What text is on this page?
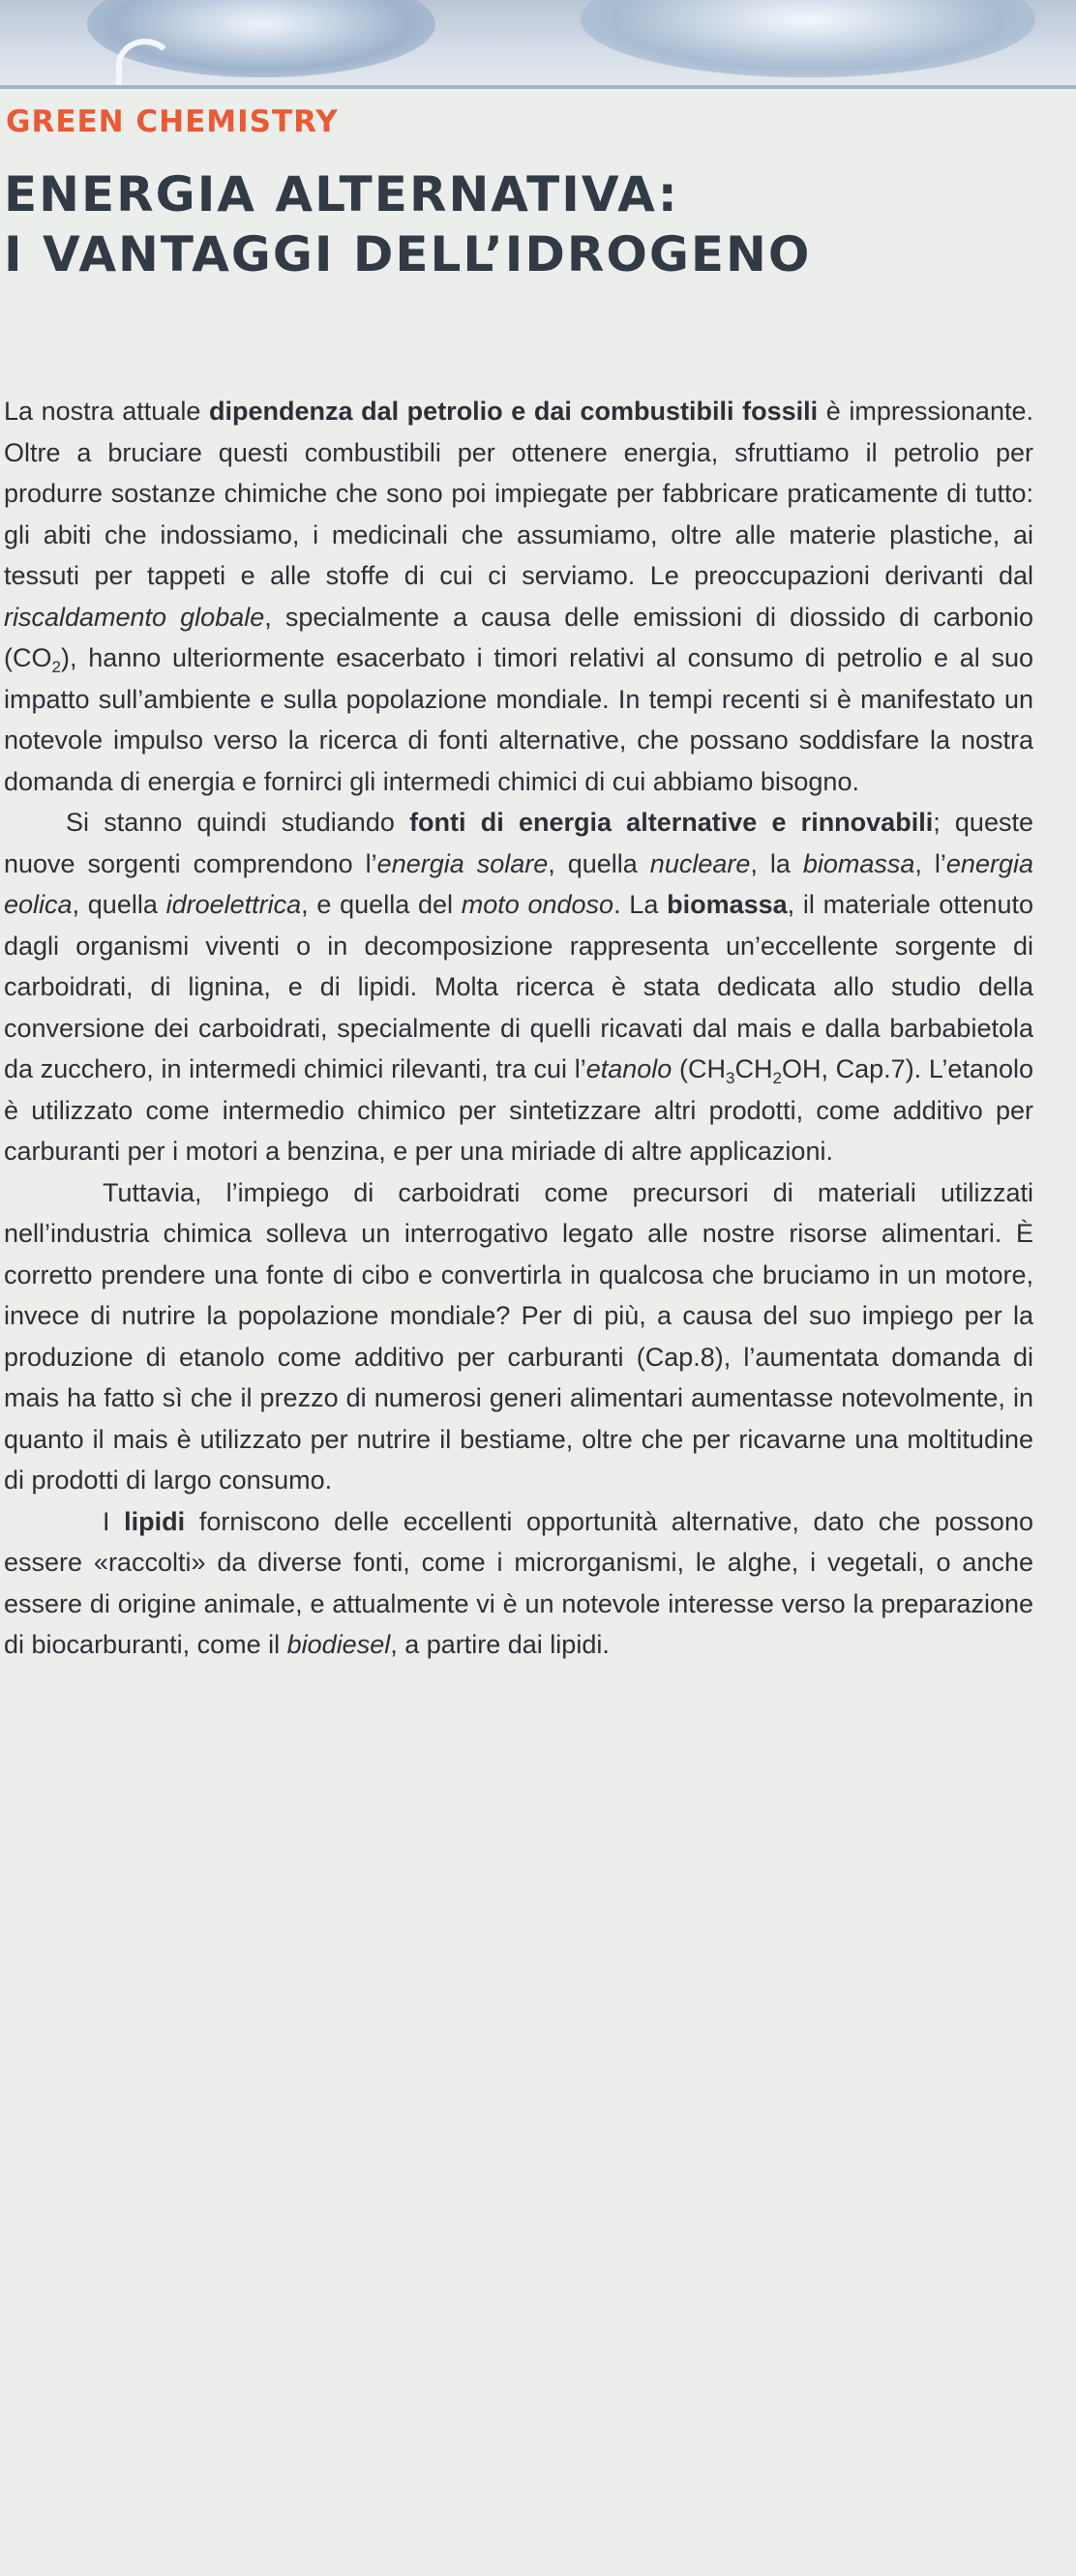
GREEN CHEMISTRY
ENERGIA ALTERNATIVA:
I VANTAGGI DELL’IDROGENO

La nostra attuale dipendenza dal petrolio e dai combustibili fossili è impressionante. Oltre a bruciare questi combustibili per ottenere energia, sfruttiamo il petrolio per produrre sostanze chimiche che sono poi impiegate per fabbricare praticamente di tutto: gli abiti che indossiamo, i medicinali che assumiamo, oltre alle materie plastiche, ai tessuti per tappeti e alle stoffe di cui ci serviamo. Le preoccupazioni derivanti dal riscaldamento globale, specialmente a causa delle emissioni di diossido di carbonio $(CO_2)$, hanno ulteriormente esacerbato i timori relativi al consumo di petrolio e al suo impatto sull’ambiente e sulla popolazione mondiale. In tempi recenti si è manifestato un notevole impulso verso la ricerca di fonti alternative, che possano soddisfare la nostra domanda di energia e fornirci gli intermedi chimici di cui abbiamo bisogno.

Si stanno quindi studiando fonti di energia alternative e rinnovabili; queste nuove sorgenti comprendono l’energia solare, quella nucleare, la biomassa, l’energia eolica, quella idroelettrica, e quella del moto ondoso. La biomassa, il materiale ottenuto dagli organismi viventi o in decomposizione rappresenta un’eccellente sorgente di carboidrati, di lignina, e di lipidi. Molta ricerca è stata dedicata allo studio della conversione dei carboidrati, specialmente di quelli ricavati dal mais e dalla barbabietola da zucchero, in intermedi chimici rilevanti, tra cui l’etanolo ($CH_3CH_2OH$, Cap.7). L’etanolo è utilizzato come intermedio chimico per sintetizzare altri prodotti, come additivo per carburanti per i motori a benzina, e per una miriade di altre applicazioni.

Tuttavia, l’impiego di carboidrati come precursori di materiali utilizzati nell’industria chimica solleva un interrogativo legato alle nostre risorse alimentari. È corretto prendere una fonte di cibo e convertirla in qualcosa che bruciamo in un motore, invece di nutrire la popolazione mondiale? Per di più, a causa del suo impiego per la produzione di etanolo come additivo per carburanti (Cap.8), l’aumentata domanda di mais ha fatto sì che il prezzo di numerosi generi alimentari aumentasse notevolmente, in quanto il mais è utilizzato per nutrire il bestiame, oltre che per ricavarne una moltitudine di prodotti di largo consumo.

I lipidi forniscono delle eccellenti opportunità alternative, dato che possono essere «raccolti» da diverse fonti, come i microrganismi, le alghe, i vegetali, o anche essere di origine animale, e attualmente vi è un notevole interesse verso la preparazione di biocarburanti, come il biodiesel, a partire dai lipidi.
